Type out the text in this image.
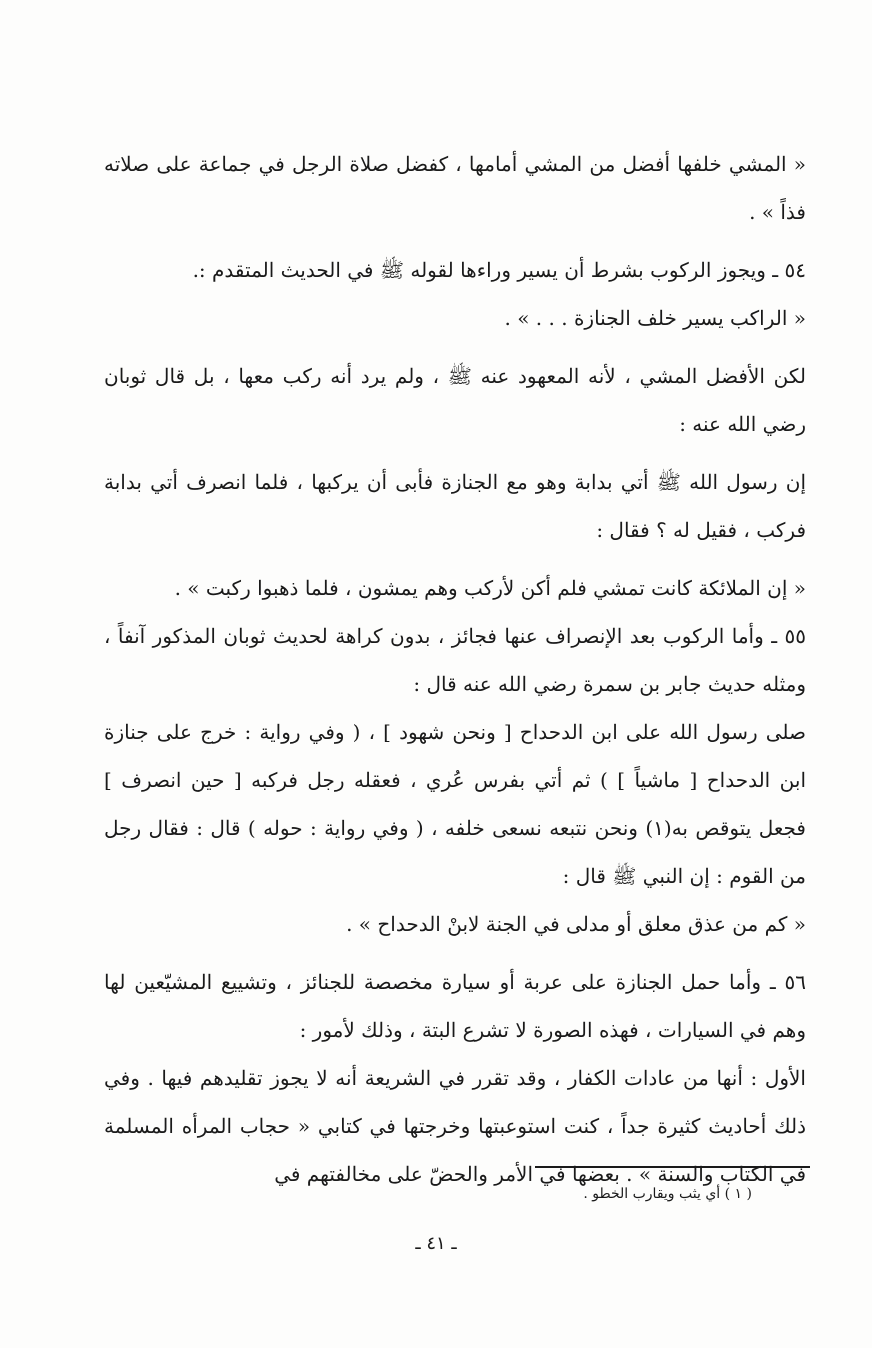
« المشي خلفها أفضل من المشي أمامها ، كفضل صلاة الرجل في جماعة على صلاته فذاً » .

٥٤ ـ ويجوز الركوب بشرط أن يسير وراءها لقوله ﷺ في الحديث المتقدم :.

« الراكب يسير خلف الجنازة . . . » .

لكن الأفضل المشي ، لأنه المعهود عنه ﷺ ، ولم يرد أنه ركب معها ، بل قال ثوبان رضي الله عنه :

إن رسول الله ﷺ أتي بدابة وهو مع الجنازة فأبى أن يركبها ، فلما انصرف أتي بدابة فركب ، فقيل له ؟ فقال :

« إن الملائكة كانت تمشي فلم أكن لأركب وهم يمشون ، فلما ذهبوا ركبت » .

٥٥ ـ وأما الركوب بعد الإنصراف عنها فجائز ، بدون كراهة لحديث ثوبان المذكور آنفاً ، ومثله حديث جابر بن سمرة رضي الله عنه قال :

صلى رسول الله على ابن الدحداح [ ونحن شهود ] ، ( وفي رواية : خرج على جنازة ابن الدحداح [ ماشياً ] ) ثم أتي بفرس عُري ، فعقله رجل فركبه [ حين انصرف ] فجعل يتوقص به(١) ونحن نتبعه نسعى خلفه ، ( وفي رواية : حوله ) قال : فقال رجل من القوم : إن النبي ﷺ قال :

« كم من عذق معلق أو مدلى في الجنة لابنْ الدحداح » .

٥٦ ـ وأما حمل الجنازة على عربة أو سيارة مخصصة للجنائز ، وتشييع المشيّعين لها وهم في السيارات ، فهذه الصورة لا تشرع البتة ، وذلك لأمور :

الأول : أنها من عادات الكفار ، وقد تقرر في الشريعة أنه لا يجوز تقليدهم فيها . وفي ذلك أحاديث كثيرة جداً ، كنت استوعبتها وخرجتها في كتابي « حجاب المرأه المسلمة في الكتاب والسنة » . بعضها في الأمر والحضّ على مخالفتهم في

( ١ ) أي يثب ويقارب الخطو .
ـ ٤١ ـ
